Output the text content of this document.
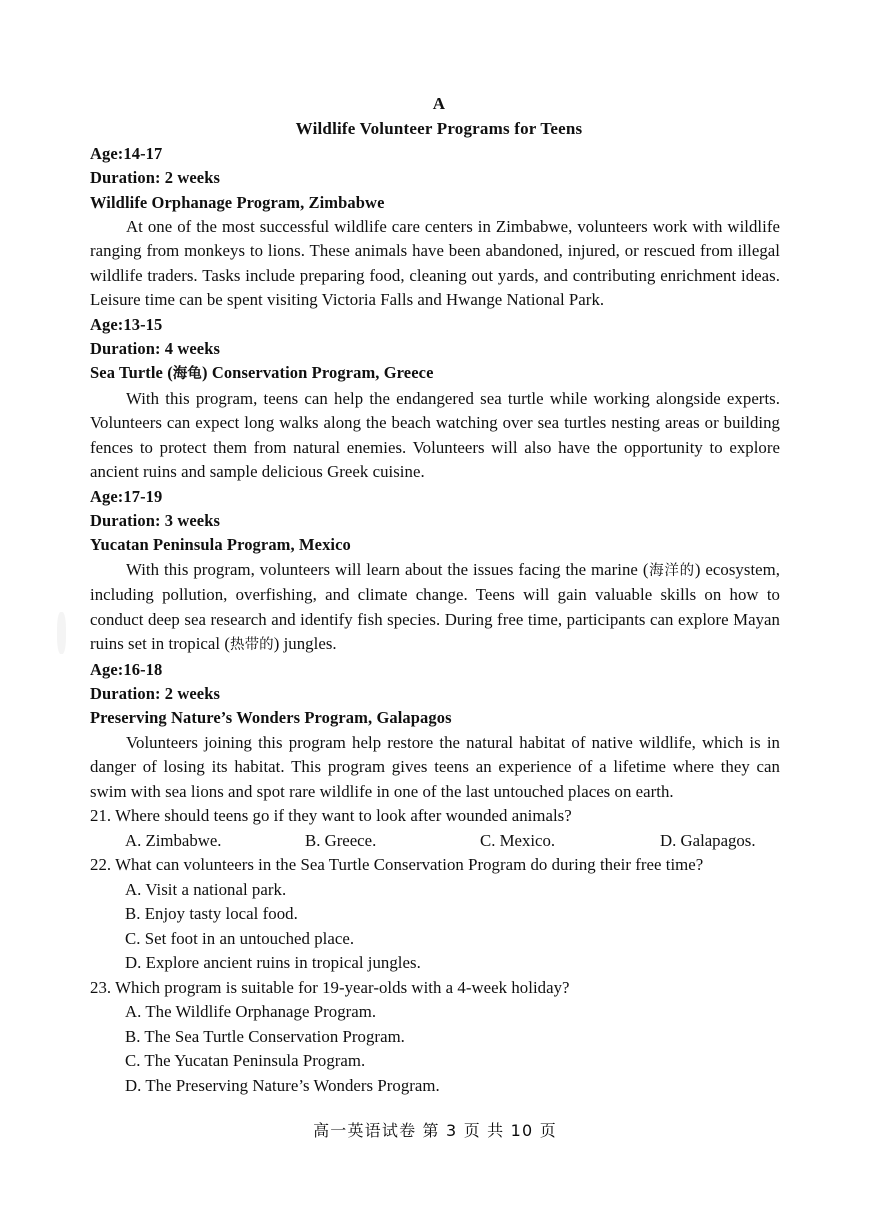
A
Wildlife Volunteer Programs for Teens
Age:14-17
Duration: 2 weeks
Wildlife Orphanage Program, Zimbabwe

At one of the most successful wildlife care centers in Zimbabwe, volunteers work with wildlife ranging from monkeys to lions. These animals have been abandoned, injured, or rescued from illegal wildlife traders. Tasks include preparing food, cleaning out yards, and contributing enrichment ideas. Leisure time can be spent visiting Victoria Falls and Hwange National Park.

Age:13-15
Duration: 4 weeks
Sea Turtle (海龟) Conservation Program, Greece

With this program, teens can help the endangered sea turtle while working alongside experts. Volunteers can expect long walks along the beach watching over sea turtles nesting areas or building fences to protect them from natural enemies. Volunteers will also have the opportunity to explore ancient ruins and sample delicious Greek cuisine.

Age:17-19
Duration: 3 weeks
Yucatan Peninsula Program, Mexico

With this program, volunteers will learn about the issues facing the marine (海洋的) ecosystem, including pollution, overfishing, and climate change. Teens will gain valuable skills on how to conduct deep sea research and identify fish species. During free time, participants can explore Mayan ruins set in tropical (热带的) jungles.

Age:16-18
Duration: 2 weeks
Preserving Nature’s Wonders Program, Galapagos

Volunteers joining this program help restore the natural habitat of native wildlife, which is in danger of losing its habitat. This program gives teens an experience of a lifetime where they can swim with sea lions and spot rare wildlife in one of the last untouched places on earth.

21. Where should teens go if they want to look after wounded animals?
A. Zimbabwe.	B. Greece.	C. Mexico.	D. Galapagos.
22. What can volunteers in the Sea Turtle Conservation Program do during their free time?
A. Visit a national park.
B. Enjoy tasty local food.
C. Set foot in an untouched place.
D. Explore ancient ruins in tropical jungles.
23. Which program is suitable for 19-year-olds with a 4-week holiday?
A. The Wildlife Orphanage Program.
B. The Sea Turtle Conservation Program.
C. The Yucatan Peninsula Program.
D. The Preserving Nature’s Wonders Program.
高一英语试卷 第 3 页 共 10 页
